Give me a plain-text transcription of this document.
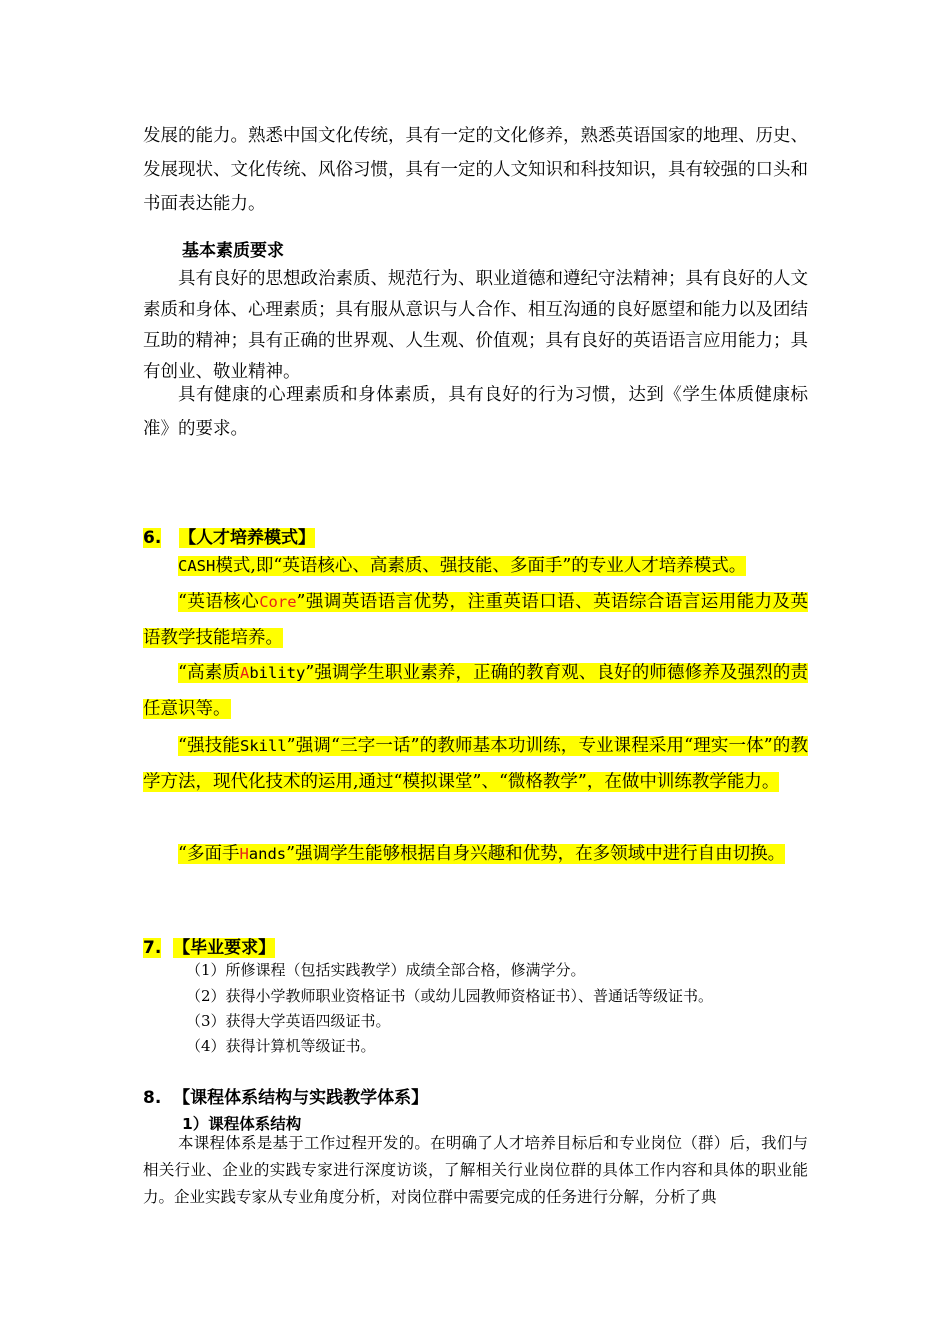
发展的能力。熟悉中国文化传统，具有一定的文化修养，熟悉英语国家的地理、历史、发展现状、文化传统、风俗习惯，具有一定的人文知识和科技知识，具有较强的口头和书面表达能力。
基本素质要求
具有良好的思想政治素质、规范行为、职业道德和遵纪守法精神；具有良好的人文素质和身体、心理素质；具有服从意识与人合作、相互沟通的良好愿望和能力以及团结互助的精神；具有正确的世界观、人生观、价值观；具有良好的英语语言应用能力；具有创业、敬业精神。
具有健康的心理素质和身体素质，具有良好的行为习惯，达到《学生体质健康标准》的要求。
6. 【人才培养模式】
CASH模式,即“英语核心、高素质、强技能、多面手”的专业人才培养模式。
“英语核心Core”强调英语语言优势，注重英语口语、英语综合语言运用能力及英语教学技能培养。
“高素质Ability”强调学生职业素养，正确的教育观、良好的师德修养及强烈的责任意识等。
“强技能Skill”强调“三字一话”的教师基本功训练，专业课程采用“理实一体”的教学方法，现代化技术的运用,通过“模拟课堂”、“微格教学”，在做中训练教学能力。
“多面手Hands”强调学生能够根据自身兴趣和优势，在多领域中进行自由切换。
7. 【毕业要求】
（1）所修课程（包括实践教学）成绩全部合格，修满学分。
（2）获得小学教师职业资格证书（或幼儿园教师资格证书）、普通话等级证书。
（3）获得大学英语四级证书。
（4）获得计算机等级证书。
8. 【课程体系结构与实践教学体系】
1）课程体系结构
本课程体系是基于工作过程开发的。在明确了人才培养目标后和专业岗位（群）后，我们与相关行业、企业的实践专家进行深度访谈，了解相关行业岗位群的具体工作内容和具体的职业能力。企业实践专家从专业角度分析，对岗位群中需要完成的任务进行分解，分析了典
